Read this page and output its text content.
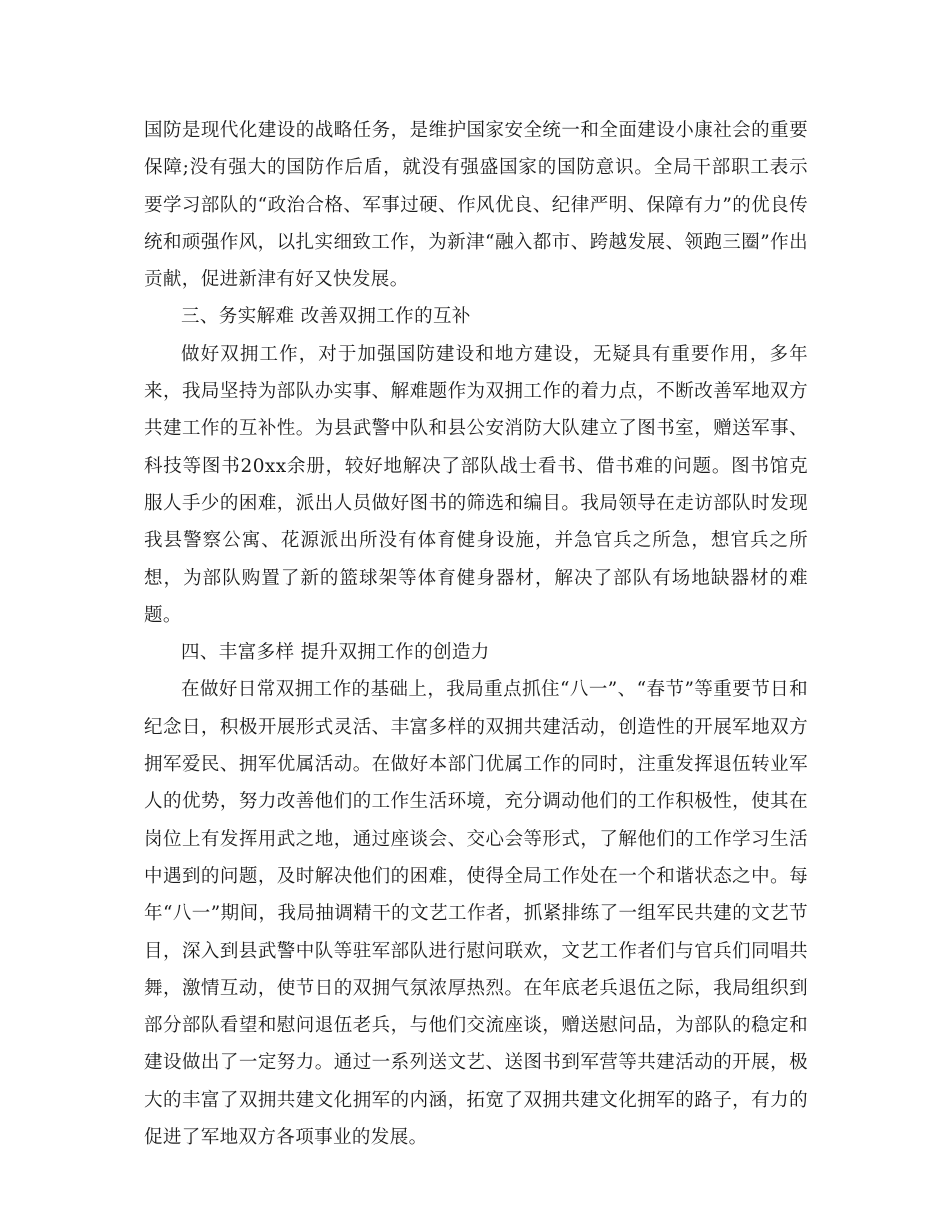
国防是现代化建设的战略任务，是维护国家安全统一和全面建设小康社会的重要保障;没有强大的国防作后盾，就没有强盛国家的国防意识。全局干部职工表示要学习部队的“政治合格、军事过硬、作风优良、纪律严明、保障有力”的优良传统和顽强作风，以扎实细致工作，为新津“融入都市、跨越发展、领跑三圈”作出贡献，促进新津有好又快发展。

三、务实解难 改善双拥工作的互补

做好双拥工作，对于加强国防建设和地方建设，无疑具有重要作用，多年来，我局坚持为部队办实事、解难题作为双拥工作的着力点，不断改善军地双方共建工作的互补性。为县武警中队和县公安消防大队建立了图书室，赠送军事、科技等图书20xx余册，较好地解决了部队战士看书、借书难的问题。图书馆克服人手少的困难，派出人员做好图书的筛选和编目。我局领导在走访部队时发现我县警察公寓、花源派出所没有体育健身设施，并急官兵之所急，想官兵之所想，为部队购置了新的篮球架等体育健身器材，解决了部队有场地缺器材的难题。

四、丰富多样 提升双拥工作的创造力

在做好日常双拥工作的基础上，我局重点抓住“八一”、“春节”等重要节日和纪念日，积极开展形式灵活、丰富多样的双拥共建活动，创造性的开展军地双方拥军爱民、拥军优属活动。在做好本部门优属工作的同时，注重发挥退伍转业军人的优势，努力改善他们的工作生活环境，充分调动他们的工作积极性，使其在岗位上有发挥用武之地，通过座谈会、交心会等形式，了解他们的工作学习生活中遇到的问题，及时解决他们的困难，使得全局工作处在一个和谐状态之中。每年“八一”期间，我局抽调精干的文艺工作者，抓紧排练了一组军民共建的文艺节目，深入到县武警中队等驻军部队进行慰问联欢，文艺工作者们与官兵们同唱共舞，激情互动，使节日的双拥气氛浓厚热烈。在年底老兵退伍之际，我局组织到部分部队看望和慰问退伍老兵，与他们交流座谈，赠送慰问品，为部队的稳定和建设做出了一定努力。通过一系列送文艺、送图书到军营等共建活动的开展，极大的丰富了双拥共建文化拥军的内涵，拓宽了双拥共建文化拥军的路子，有力的促进了军地双方各项事业的发展。
